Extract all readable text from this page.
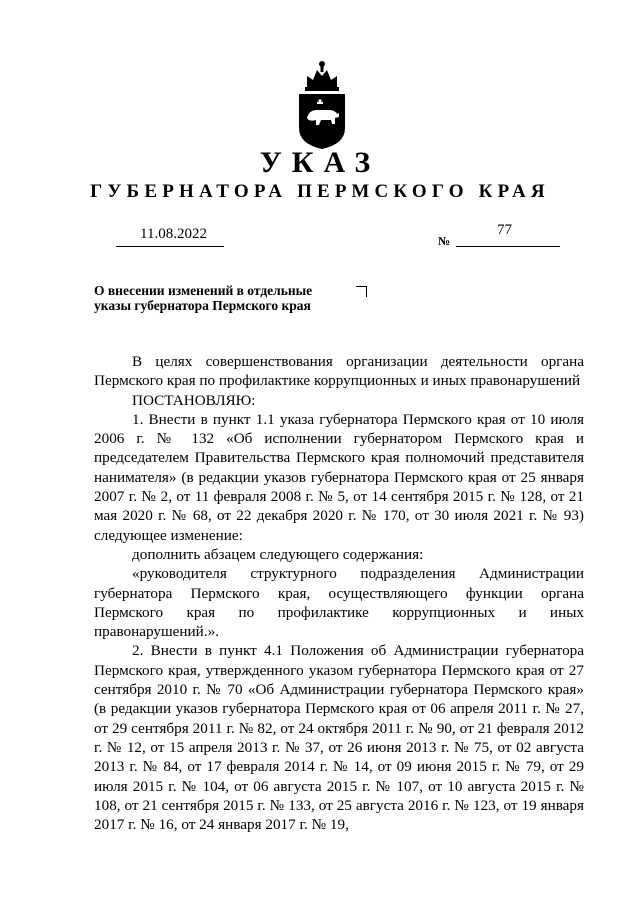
УКАЗ
ГУБЕРНАТОРА ПЕРМСКОГО КРАЯ
11.08.2022	№
77
О внесении изменений в отдельные
указы губернатора Пермского края

В целях совершенствования организации деятельности органа Пермского края по профилактике коррупционных и иных правонарушений

ПОСТАНОВЛЯЮ:

1. Внести в пункт 1.1 указа губернатора Пермского края от 10 июля 2006 г. № 132 «Об исполнении губернатором Пермского края и председателем Правительства Пермского края полномочий представителя нанимателя» (в редакции указов губернатора Пермского края от 25 января 2007 г. № 2, от 11 февраля 2008 г. № 5, от 14 сентября 2015 г. № 128, от 21 мая 2020 г. № 68, от 22 декабря 2020 г. № 170, от 30 июля 2021 г. № 93) следующее изменение:

дополнить абзацем следующего содержания:

«руководителя структурного подразделения Администрации губернатора Пермского края, осуществляющего функции органа Пермского края по профилактике коррупционных и иных правонарушений.».

2. Внести в пункт 4.1 Положения об Администрации губернатора Пермского края, утвержденного указом губернатора Пермского края от 27 сентября 2010 г. № 70 «Об Администрации губернатора Пермского края» (в редакции указов губернатора Пермского края от 06 апреля 2011 г. № 27, от 29 сентября 2011 г. № 82, от 24 октября 2011 г. № 90, от 21 февраля 2012 г. № 12, от 15 апреля 2013 г. № 37, от 26 июня 2013 г. № 75, от 02 августа 2013 г. № 84, от 17 февраля 2014 г. № 14, от 09 июня 2015 г. № 79, от 29 июля 2015 г. № 104, от 06 августа 2015 г. № 107, от 10 августа 2015 г. № 108, от 21 сентября 2015 г. № 133, от 25 августа 2016 г. № 123, от 19 января 2017 г. № 16, от 24 января 2017 г. № 19,
